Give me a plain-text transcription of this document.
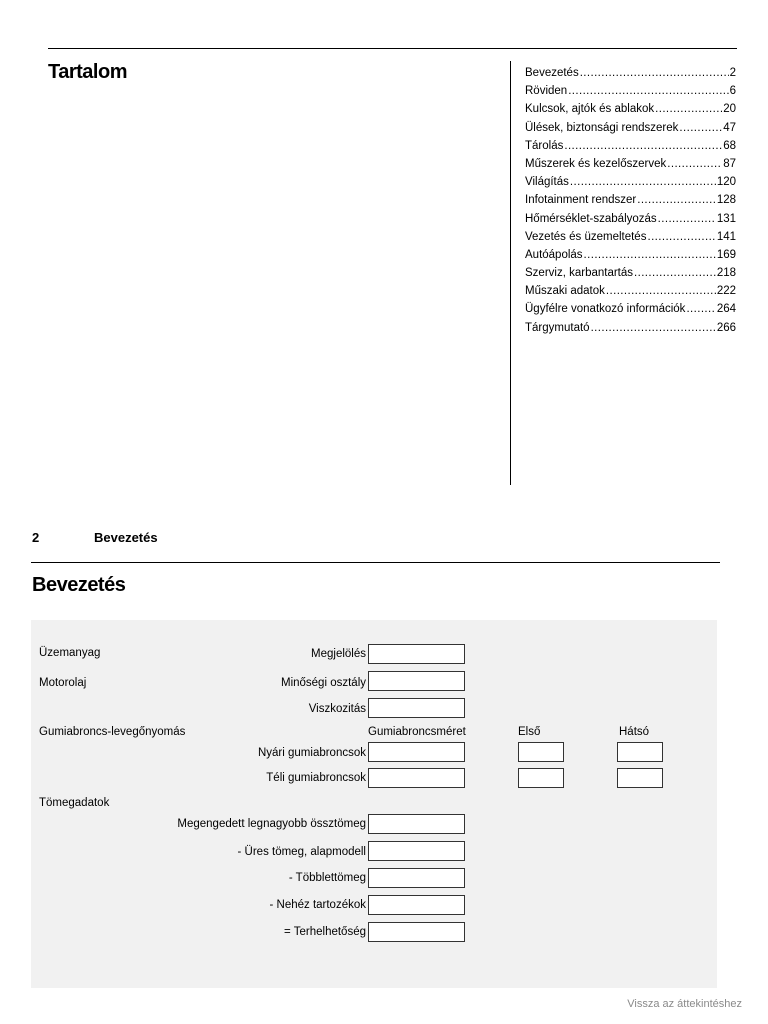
Tartalom	Bevezetés .....	2
Röviden .....	6
Kulcsok, ajtók és ablakok .....	20
Ülések, biztonsági rendszerek .....	47
Tárolás .....	68
Műszerek és kezelőszervek .....	87
Világítás .....	120
Infotainment rendszer .....	128
Hőmérséklet-szabályozás .....	131
Vezetés és üzemeltetés .....	141
Autóápolás .....	169
Szerviz, karbantartás .....	218
Műszaki adatok .....	222
Ügyfélre vonatkozó információk .....	264
Tárgymutató .....	266
2	Bevezetés
Bevezetés
Üzemanyag	Megjelölés
Motorolaj	Minőségi osztály
Viszkozitás
Gumiabroncs-levegőnyomás	Gumiabroncsméret	Első	Hátsó
Nyári gumiabroncsok
Téli gumiabroncsok
Tömegadatok
Megengedett legnagyobb össztömeg
- Üres tömeg, alapmodell
- Többlettömeg
- Nehéz tartozékok
= Terhelhetőség
Vissza az áttekintéshez
